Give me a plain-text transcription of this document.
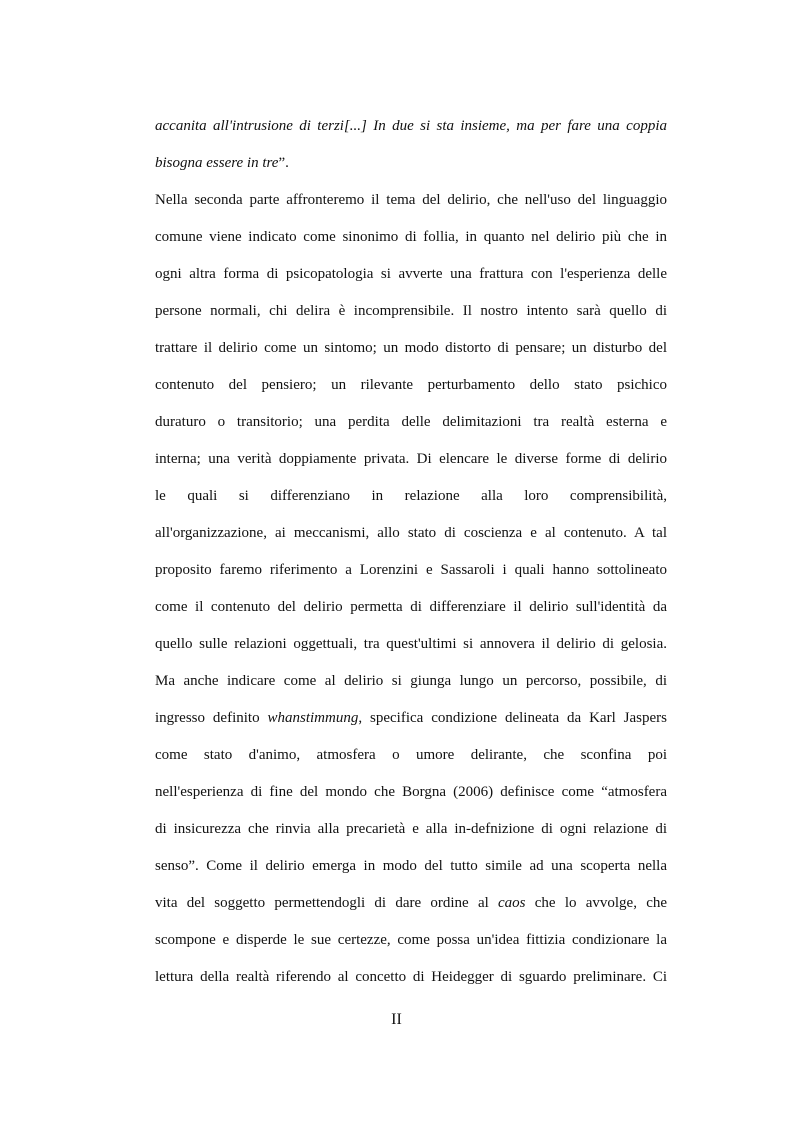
accanita all'intrusione di terzi[...] In due si sta insieme, ma per fare una coppia
bisogna essere in tre”.
Nella seconda parte affronteremo il tema del delirio, che nell'uso del linguaggio
comune viene indicato come sinonimo di follia, in quanto nel delirio più che in
ogni altra forma di psicopatologia si avverte una frattura con l'esperienza delle
persone normali, chi delira è incomprensibile. Il nostro intento sarà quello di
trattare il delirio come un sintomo; un modo distorto di pensare; un disturbo del
contenuto del pensiero; un rilevante perturbamento dello stato psichico
duraturo o transitorio; una perdita delle delimitazioni tra realtà esterna e
interna; una verità doppiamente privata. Di elencare le diverse forme di delirio
le quali si differenziano in relazione alla loro comprensibilità,
all'organizzazione, ai meccanismi, allo stato di coscienza e al contenuto. A tal
proposito faremo riferimento a Lorenzini e Sassaroli i quali hanno sottolineato
come il contenuto del delirio permetta di differenziare il delirio sull'identità da
quello sulle relazioni oggettuali, tra quest'ultimi si annovera il delirio di gelosia.
Ma anche indicare come al delirio si giunga lungo un percorso, possibile, di
ingresso definito whanstimmung, specifica condizione delineata da Karl Jaspers
come stato d'animo, atmosfera o umore delirante, che sconfina poi
nell'esperienza di fine del mondo che Borgna (2006) definisce come “atmosfera
di insicurezza che rinvia alla precarietà e alla in-defnizione di ogni relazione di
senso”. Come il delirio emerga in modo del tutto simile ad una scoperta nella
vita del soggetto permettendogli di dare ordine al caos che lo avvolge, che
scompone e disperde le sue certezze, come possa un'idea fittizia condizionare la
lettura della realtà riferendo al concetto di Heidegger di sguardo preliminare. Ci
II
